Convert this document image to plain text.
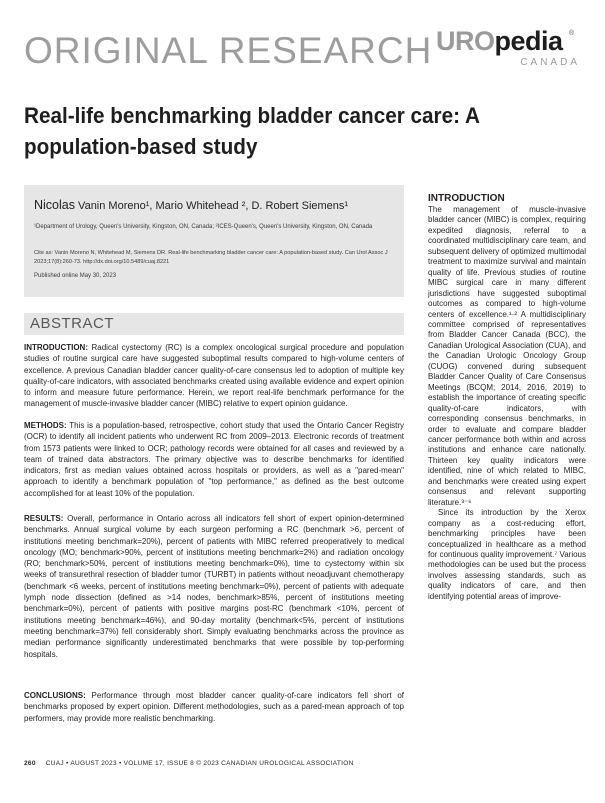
ORIGINAL RESEARCH UROpedia ®
CANADA
Real-life benchmarking bladder cancer care: A population-based study
Nicolas Vanin Moreno¹, Mario Whitehead ², D. Robert Siemens¹
¹Department of Urology, Queen's University, Kingston, ON, Canada; ²ICES-Queen's, Queen's University, Kingston, ON, Canada
Cite as: Vanin Moreno N, Whitehead M, Siemens DR. Real-life benchmarking bladder cancer care: A population-based study. Can Urol Assoc J 2023;17(8):260-73. http://dx.doi.org/10.5489/cuaj.8221
Published online May 30, 2023
ABSTRACT

INTRODUCTION: Radical cystectomy (RC) is a complex oncological surgical procedure and population studies of routine surgical care have suggested suboptimal results compared to high-volume centers of excellence. A previous Canadian bladder cancer quality-of-care consensus led to adoption of multiple key quality-of-care indicators, with associated benchmarks created using available evidence and expert opinion to inform and measure future performance. Herein, we report real-life benchmark performance for the management of muscle-invasive bladder cancer (MIBC) relative to expert opinion guidance.

METHODS: This is a population-based, retrospective, cohort study that used the Ontario Cancer Registry (OCR) to identify all incident patients who underwent RC from 2009–2013. Electronic records of treatment from 1573 patients were linked to OCR; pathology records were obtained for all cases and reviewed by a team of trained data abstractors. The primary objective was to describe benchmarks for identified indicators, first as median values obtained across hospitals or providers, as well as a "pared-mean" approach to identify a benchmark population of "top performance," as defined as the best outcome accomplished for at least 10% of the population.

RESULTS: Overall, performance in Ontario across all indicators fell short of expert opinion-determined benchmarks. Annual surgical volume by each surgeon performing a RC (benchmark >6, percent of institutions meeting benchmark=20%), percent of patients with MIBC referred preoperatively to medical oncology (MO; benchmark>90%, percent of institutions meeting benchmark=2%) and radiation oncology (RO; benchmark>50%, percent of institutions meeting benchmark=0%), time to cystectomy within six weeks of transurethral resection of bladder tumor (TURBT) in patients without neoadjuvant chemotherapy (benchmark <6 weeks, percent of institutions meeting benchmark=0%), percent of patients with adequate lymph node dissection (defined as >14 nodes, benchmark>85%, percent of institutions meeting benchmark=0%), percent of patients with positive margins post-RC (benchmark <10%, percent of institutions meeting benchmark=46%), and 90-day mortality (benchmark<5%, percent of institutions meeting benchmark=37%) fell considerably short. Simply evaluating benchmarks across the province as median performance significantly underestimated benchmarks that were possible by top-performing hospitals.

CONCLUSIONS: Performance through most bladder cancer quality-of-care indicators fell short of benchmarks proposed by expert opinion. Different methodologies, such as a pared-mean approach of top performers, may provide more realistic benchmarking.

INTRODUCTION

The management of muscle-invasive bladder cancer (MIBC) is complex, requiring expedited diagnosis, referral to a coordinated multidisciplinary care team, and subsequent delivery of optimized multimodal treatment to maximize survival and maintain quality of life. Previous studies of routine MIBC surgical care in many different jurisdictions have suggested suboptimal outcomes as compared to high-volume centers of excellence.¹·² A multidisciplinary committee comprised of representatives from Bladder Cancer Canada (BCC), the Canadian Urological Association (CUA), and the Canadian Urologic Oncology Group (CUOG) convened during subsequent Bladder Cancer Quality of Care Consensus Meetings (BCQM; 2014, 2016, 2019) to establish the importance of creating specific quality-of-care indicators, with corresponding consensus benchmarks, in order to evaluate and compare bladder cancer performance both within and across institutions and enhance care nationally. Thirteen key quality indicators were identified, nine of which related to MIBC, and benchmarks were created using expert consensus and relevant supporting literature.³⁻⁶

Since its introduction by the Xerox company as a cost-reducing effort, benchmarking principles have been conceptualized in healthcare as a method for continuous quality improvement.⁷ Various methodologies can be used but the process involves assessing standards, such as quality indicators of care, and then identifying potential areas of improve-

260 CUAJ • AUGUST 2023 • VOLUME 17, ISSUE 8 © 2023 CANADIAN UROLOGICAL ASSOCIATION
